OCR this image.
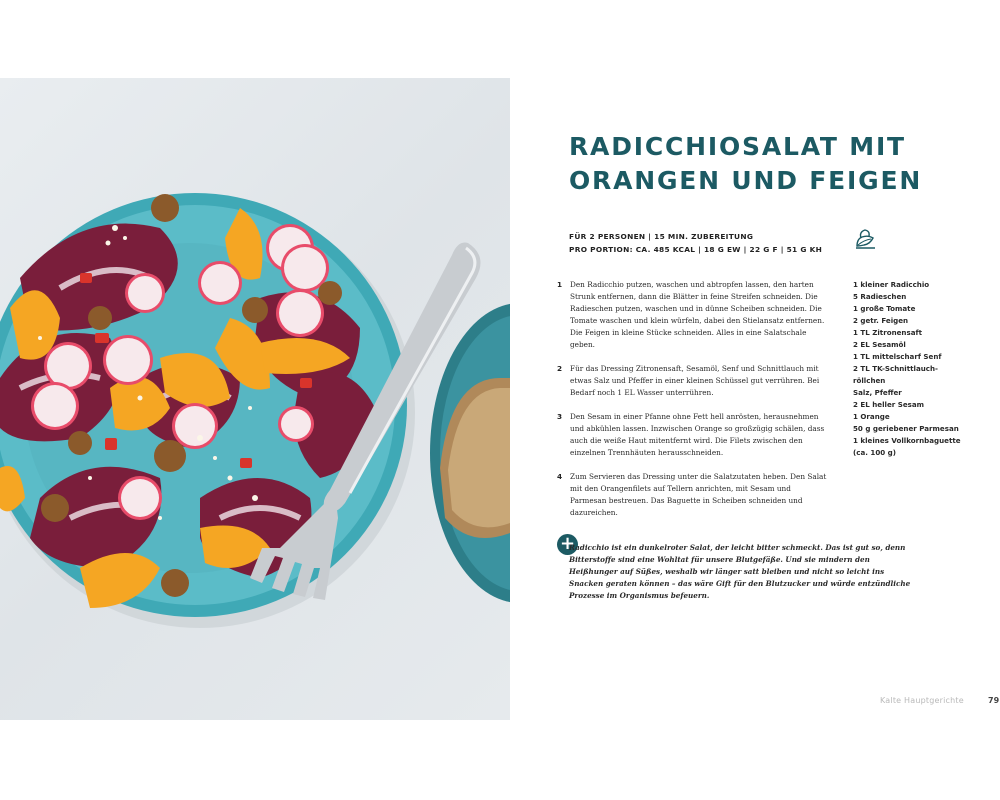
RADICCHIOSALAT MIT
ORANGEN UND FEIGEN
FÜR 2 PERSONEN | 15 MIN. ZUBEREITUNG
PRO PORTION: CA. 485 KCAL | 18 G EW | 22 G F | 51 G KH
1 Den Radicchio putzen, waschen und abtropfen lassen, den harten Strunk entfernen, dann die Blätter in feine Streifen schneiden. Die Radieschen putzen, waschen und in dünne Scheiben schneiden. Die Tomate waschen und klein würfeln, dabei den Stielansatz entfernen. Die Feigen in kleine Stücke schneiden. Alles in eine Salatschale geben.
2 Für das Dressing Zitronensaft, Sesamöl, Senf und Schnittlauch mit etwas Salz und Pfeffer in einer kleinen Schüssel gut verrühren. Bei Bedarf noch 1 EL Wasser unterrühren.
3 Den Sesam in einer Pfanne ohne Fett hell anrösten, herausnehmen und abkühlen lassen. Inzwischen Orange so großzügig schälen, dass auch die weiße Haut mitentfernt wird. Die Filets zwischen den einzelnen Trennhäuten herausschneiden.
4 Zum Servieren das Dressing unter die Salatzutaten heben. Den Salat mit den Orangenfilets auf Tellern anrichten, mit Sesam und Parmesan bestreuen. Das Baguette in Scheiben schneiden und dazureichen.
1 kleiner Radicchio
5 Radieschen
1 große Tomate
2 getr. Feigen
1 TL Zitronensaft
2 EL Sesamöl
1 TL mittelscharf Senf
2 TL TK-Schnittlauch-
röllchen
Salz, Pfeffer
2 EL heller Sesam
1 Orange
50 g geriebener Parmesan
1 kleines Vollkornbaguette
(ca. 100 g)
+
Radicchio ist ein dunkelroter Salat, der leicht bitter schmeckt. Das ist gut so, denn Bitterstoffe sind eine Wohltat für unsere Blutgefäße. Und sie mindern den Heißhunger auf Süßes, weshalb wir länger satt bleiben und nicht so leicht ins Snacken geraten können – das wäre Gift für den Blutzucker und würde entzündliche Prozesse im Organismus befeuern.
Kalte Hauptgerichte	79
